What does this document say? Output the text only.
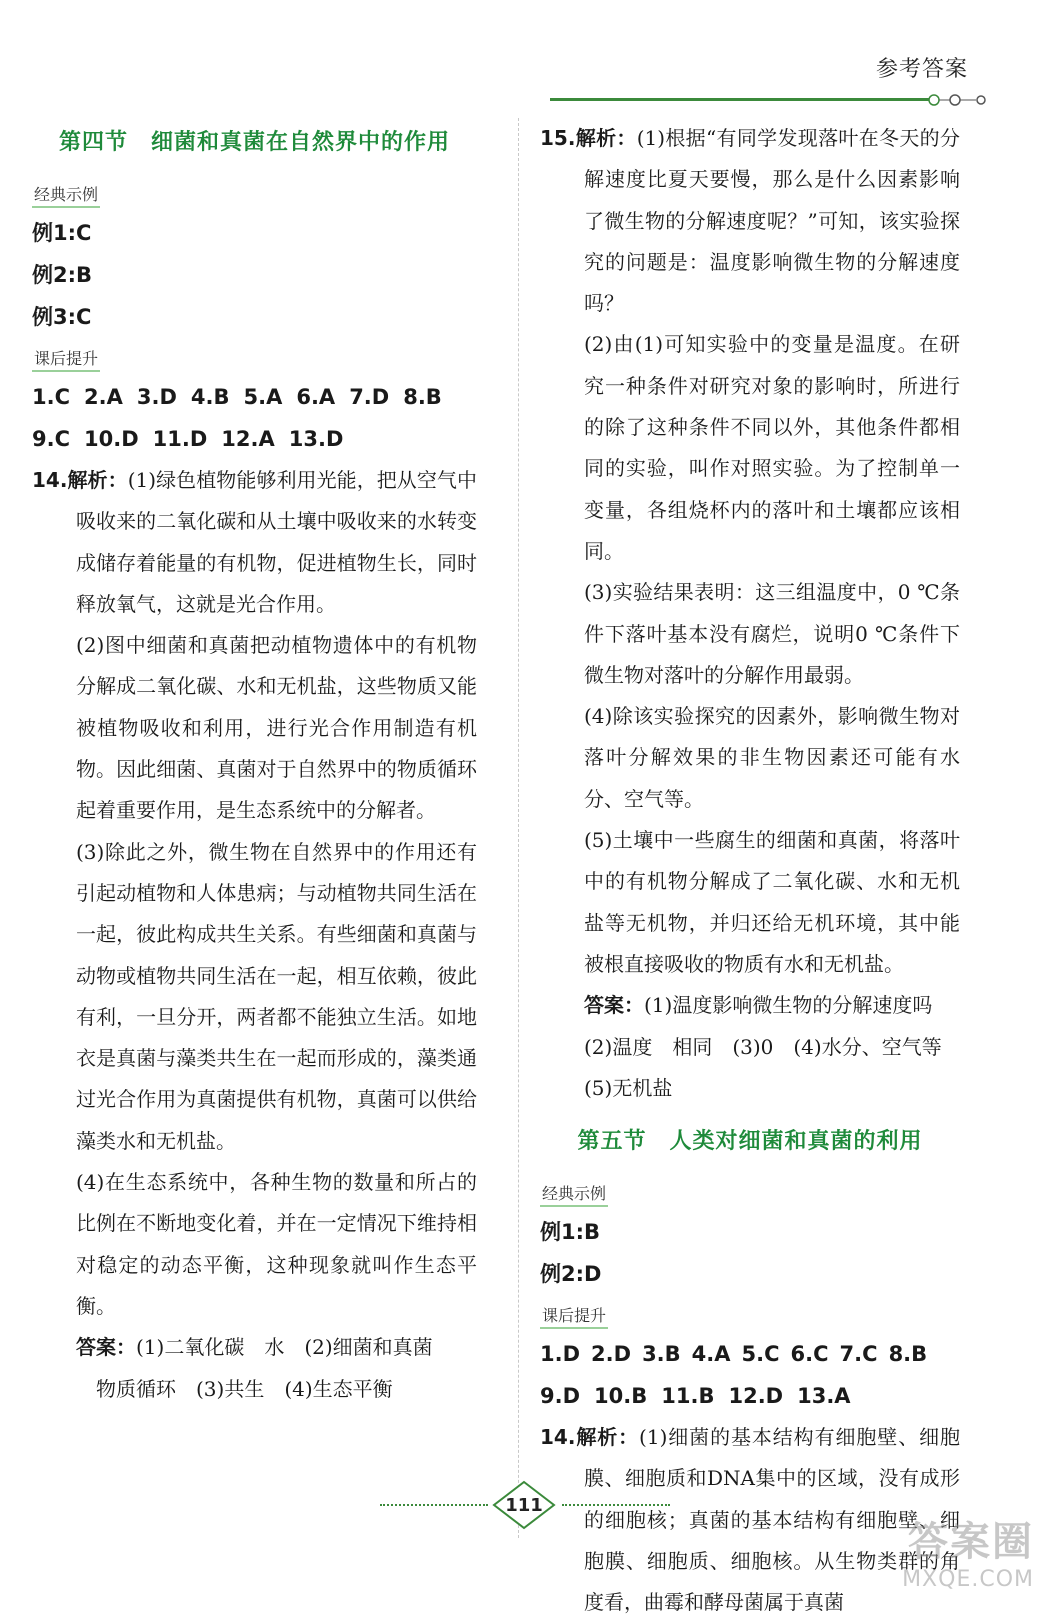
参考答案
第四节　细菌和真菌在自然界中的作用
经典示例
例1:C
例2:B
例3:C
课后提升
1.C 2.A 3.D 4.B 5.A 6.A 7.D 8.B
9.C 10.D 11.D 12.A 13.D

14.解析：(1)绿色植物能够利用光能，把从空气中吸收来的二氧化碳和从土壤中吸收来的水转变成储存着能量的有机物，促进植物生长，同时释放氧气，这就是光合作用。

(2)图中细菌和真菌把动植物遗体中的有机物分解成二氧化碳、水和无机盐，这些物质又能被植物吸收和利用，进行光合作用制造有机物。因此细菌、真菌对于自然界中的物质循环起着重要作用，是生态系统中的分解者。

(3)除此之外，微生物在自然界中的作用还有引起动植物和人体患病；与动植物共同生活在一起，彼此构成共生关系。有些细菌和真菌与动物或植物共同生活在一起，相互依赖，彼此有利，一旦分开，两者都不能独立生活。如地衣是真菌与藻类共生在一起而形成的，藻类通过光合作用为真菌提供有机物，真菌可以供给藻类水和无机盐。

(4)在生态系统中，各种生物的数量和所占的比例在不断地变化着，并在一定情况下维持相对稳定的动态平衡，这种现象就叫作生态平衡。

答案：(1)二氧化碳　水　(2)细菌和真菌

物质循环　(3)共生　(4)生态平衡

15.解析：(1)根据“有同学发现落叶在冬天的分解速度比夏天要慢，那么是什么因素影响了微生物的分解速度呢？”可知，该实验探究的问题是：温度影响微生物的分解速度吗？

(2)由(1)可知实验中的变量是温度。在研究一种条件对研究对象的影响时，所进行的除了这种条件不同以外，其他条件都相同的实验，叫作对照实验。为了控制单一变量，各组烧杯内的落叶和土壤都应该相同。

(3)实验结果表明：这三组温度中，0 ℃条件下落叶基本没有腐烂，说明0 ℃条件下微生物对落叶的分解作用最弱。

(4)除该实验探究的因素外，影响微生物对落叶分解效果的非生物因素还可能有水分、空气等。

(5)土壤中一些腐生的细菌和真菌，将落叶中的有机物分解成了二氧化碳、水和无机盐等无机物，并归还给无机环境，其中能被根直接吸收的物质有水和无机盐。

答案：(1)温度影响微生物的分解速度吗

(2)温度　相同　(3)0　(4)水分、空气等

(5)无机盐

第五节　人类对细菌和真菌的利用
经典示例
例1:B
例2:D
课后提升
1.D 2.D 3.B 4.A 5.C 6.C 7.C 8.B
9.D 10.B 11.B 12.D 13.A

14.解析：(1)细菌的基本结构有细胞壁、细胞膜、细胞质和DNA集中的区域，没有成形的细胞核；真菌的基本结构有细胞壁、细胞膜、细胞质、细胞核。从生物类群的角度看，曲霉和酵母菌属于真菌

111
答案圈
MXQE.COM
